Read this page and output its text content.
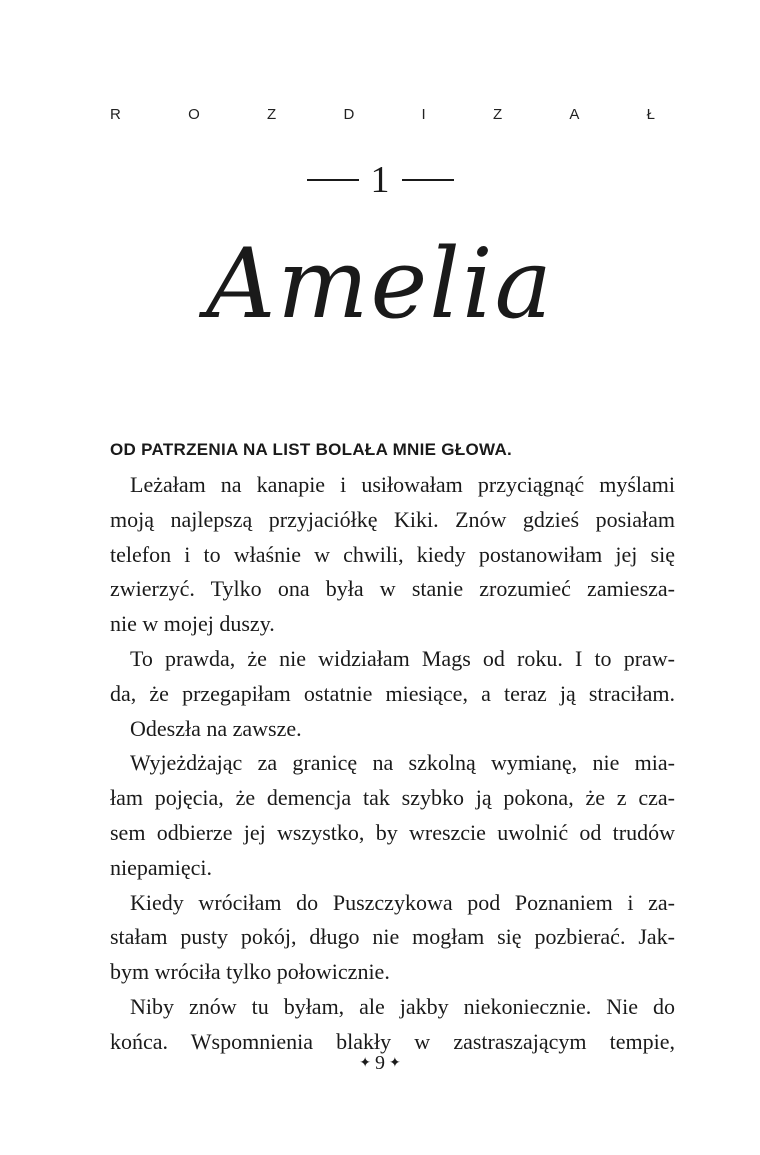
R	O	Z	D	I	Z	A	Ł
1
Amelia
OD PATRZENIA NA LIST BOLAŁA MNIE GŁOWA.
Leżałam na kanapie i usiłowałam przyciągnąć myślami
moją najlepszą przyjaciółkę Kiki. Znów gdzieś posiałam
telefon i to właśnie w chwili, kiedy postanowiłam jej się
zwierzyć. Tylko ona była w stanie zrozumieć zamiesza-
nie w mojej duszy.
To prawda, że nie widziałam Mags od roku. I to praw-
da, że przegapiłam ostatnie miesiące, a teraz ją straciłam.
Odeszła na zawsze.
Wyjeżdżając za granicę na szkolną wymianę, nie mia-
łam pojęcia, że demencja tak szybko ją pokona, że z cza-
sem odbierze jej wszystko, by wreszcie uwolnić od trudów
niepamięci.
Kiedy wróciłam do Puszczykowa pod Poznaniem i za-
stałam pusty pokój, długo nie mogłam się pozbierać. Jak-
bym wróciła tylko połowicznie.
Niby znów tu byłam, ale jakby niekoniecznie. Nie do
końca. Wspomnienia blakły w zastraszającym tempie,
✦ 9 ✦
